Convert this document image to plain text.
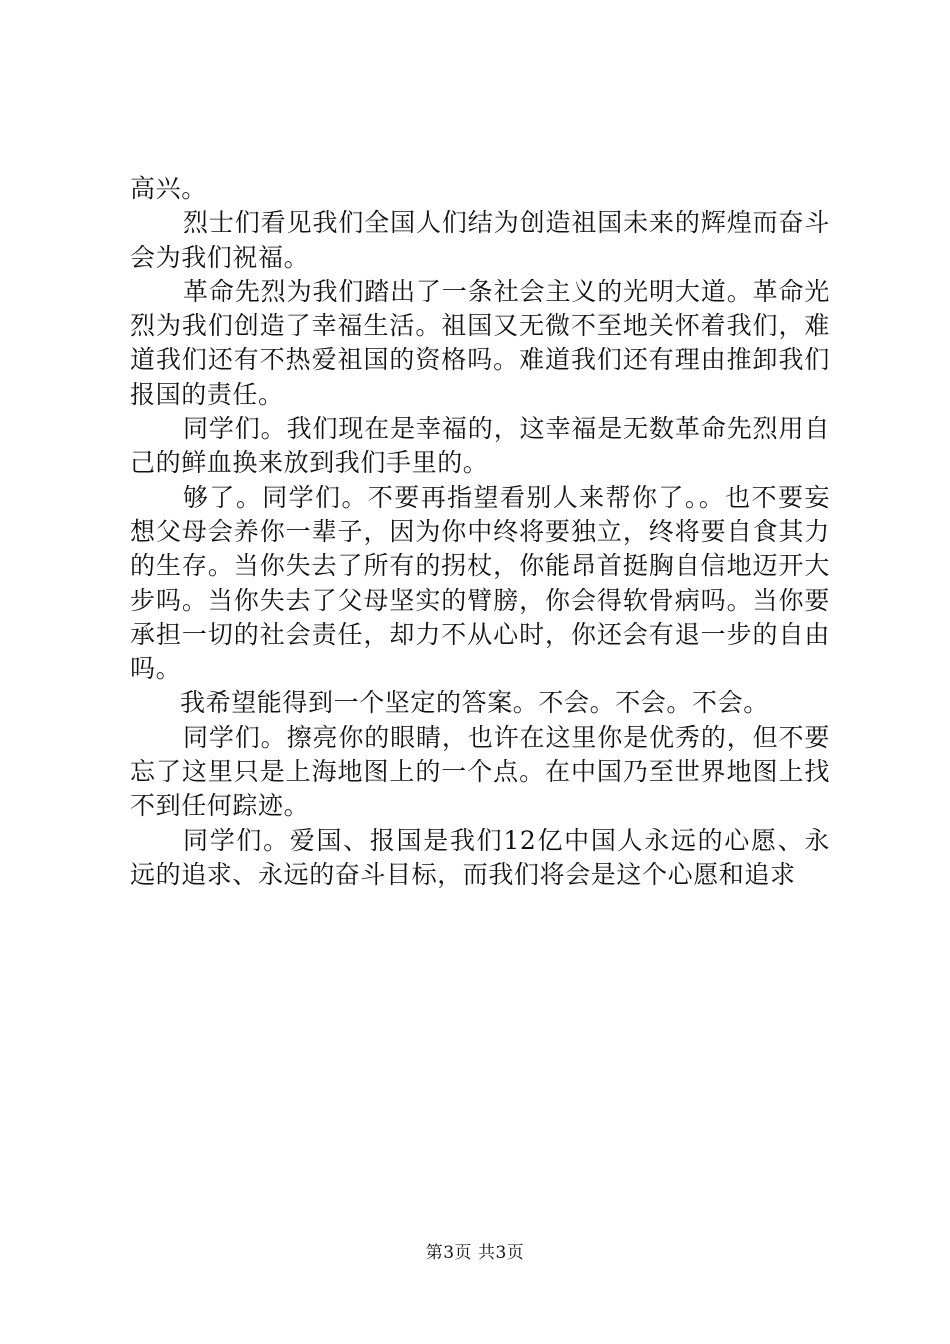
高兴。

烈士们看见我们全国人们结为创造祖国未来的辉煌而奋斗会为我们祝福。

革命先烈为我们踏出了一条社会主义的光明大道。革命光烈为我们创造了幸福生活。祖国又无微不至地关怀着我们，难道我们还有不热爱祖国的资格吗。难道我们还有理由推卸我们报国的责任。

同学们。我们现在是幸福的，这幸福是无数革命先烈用自己的鲜血换来放到我们手里的。

够了。同学们。不要再指望看别人来帮你了。。也不要妄想父母会养你一辈子，因为你中终将要独立，终将要自食其力的生存。当你失去了所有的拐杖，你能昂首挺胸自信地迈开大步吗。当你失去了父母坚实的臂膀，你会得软骨病吗。当你要承担一切的社会责任，却力不从心时，你还会有退一步的自由吗。

我希望能得到一个坚定的答案。不会。不会。不会。

同学们。擦亮你的眼睛，也许在这里你是优秀的，但不要忘了这里只是上海地图上的一个点。在中国乃至世界地图上找不到任何踪迹。

同学们。爱国、报国是我们12亿中国人永远的心愿、永远的追求、永远的奋斗目标，而我们将会是这个心愿和追求

第3页 共3页
